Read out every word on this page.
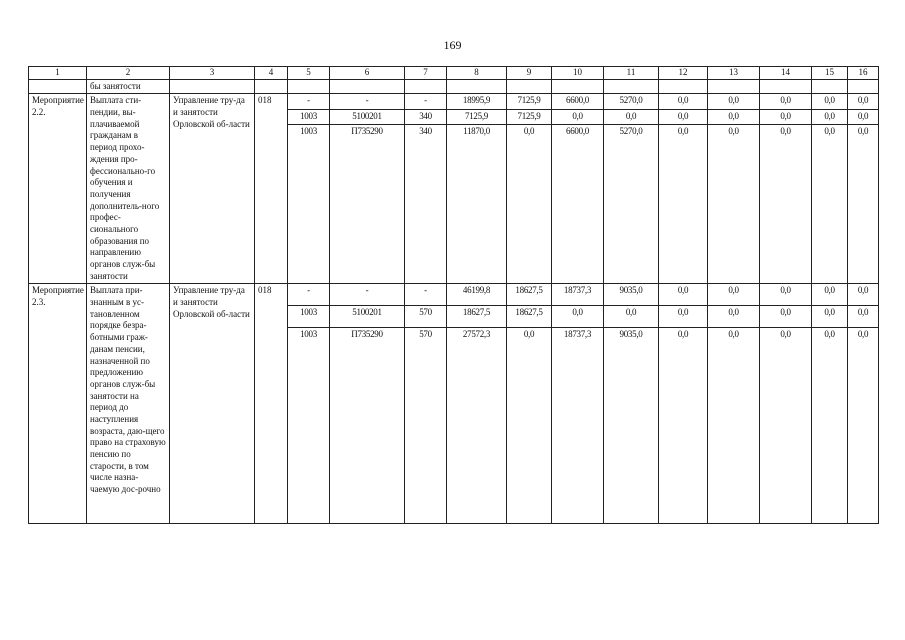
169
1	2	3	4	5	6	7	8	9	10	11	12	13	14	15	16
	бы занятости														
Мероприятие 2.2.	Выплата сти-пендии, вы-плачиваемой гражданам в период прохо-ждения про-фессионально-го обучения и получения дополнитель-ного профес-сионального образования по направлению органов служ-бы занятости	Управление тру-да и занятости Орловской об-ласти	018	-	-	-	18995,9	7125,9	6600,0	5270,0	0,0	0,0	0,0	0,0	0,0
				1003	5100201	340	7125,9	7125,9	0,0	0,0	0,0	0,0	0,0	0,0	0,0
				1003	П735290	340	11870,0	0,0	6600,0	5270,0	0,0	0,0	0,0	0,0	0,0
Мероприятие 2.3.	Выплата при-знанным в ус-тановленном порядке безра-ботными граж-данам пенсии, назначенной по предложению органов служ-бы занятости на период до наступления возраста, даю-щего право на страховую пенсию по старости, в том числе назна-чаемую дос-рочно	Управление тру-да и занятости Орловской об-ласти	018	-	-	-	46199,8	18627,5	18737,3	9035,0	0,0	0,0	0,0	0,0	0,0
				1003	5100201	570	18627,5	18627,5	0,0	0,0	0,0	0,0	0,0	0,0	0,0
				1003	П735290	570	27572,3	0,0	18737,3	9035,0	0,0	0,0	0,0	0,0	0,0
